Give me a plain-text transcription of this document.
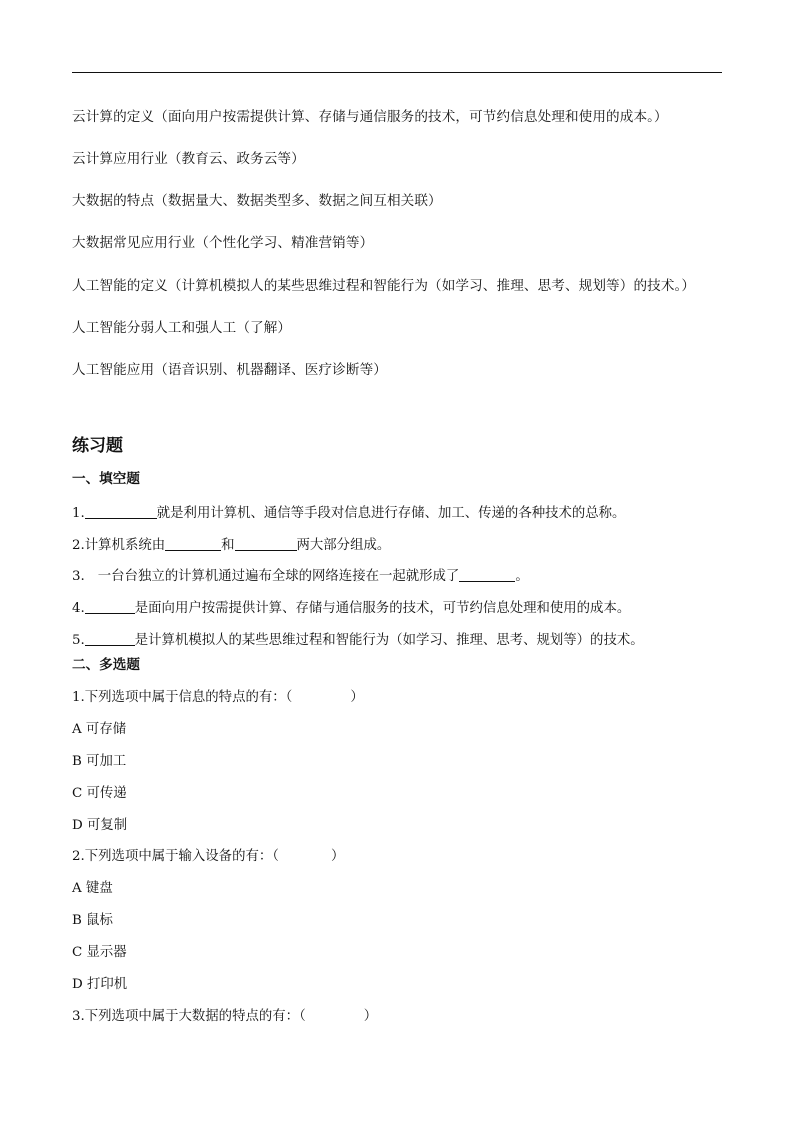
云计算的定义（面向用户按需提供计算、存储与通信服务的技术，可节约信息处理和使用的成本。）
云计算应用行业（教育云、政务云等）
大数据的特点（数据量大、数据类型多、数据之间互相关联）
大数据常见应用行业（个性化学习、精准营销等）
人工智能的定义（计算机模拟人的某些思维过程和智能行为（如学习、推理、思考、规划等）的技术。）
人工智能分弱人工和强人工（了解）
人工智能应用（语音识别、机器翻译、医疗诊断等）
练习题
一、填空题
1.	就是利用计算机、通信等手段对信息进行存储、加工、传递的各种技术的总称。
2.计算机系统由	和	两大部分组成。
3. 一台台独立的计算机通过遍布全球的网络连接在一起就形成了	。
4.	是面向用户按需提供计算、存储与通信服务的技术，可节约信息处理和使用的成本。
5.	是计算机模拟人的某些思维过程和智能行为（如学习、推理、思考、规划等）的技术。
二、多选题
1.下列选项中属于信息的特点的有：（	）
A 可存储
B 可加工
C 可传递
D 可复制
2.下列选项中属于输入设备的有：（	）
A 键盘
B 鼠标
C 显示器
D 打印机
3.下列选项中属于大数据的特点的有：（	）
